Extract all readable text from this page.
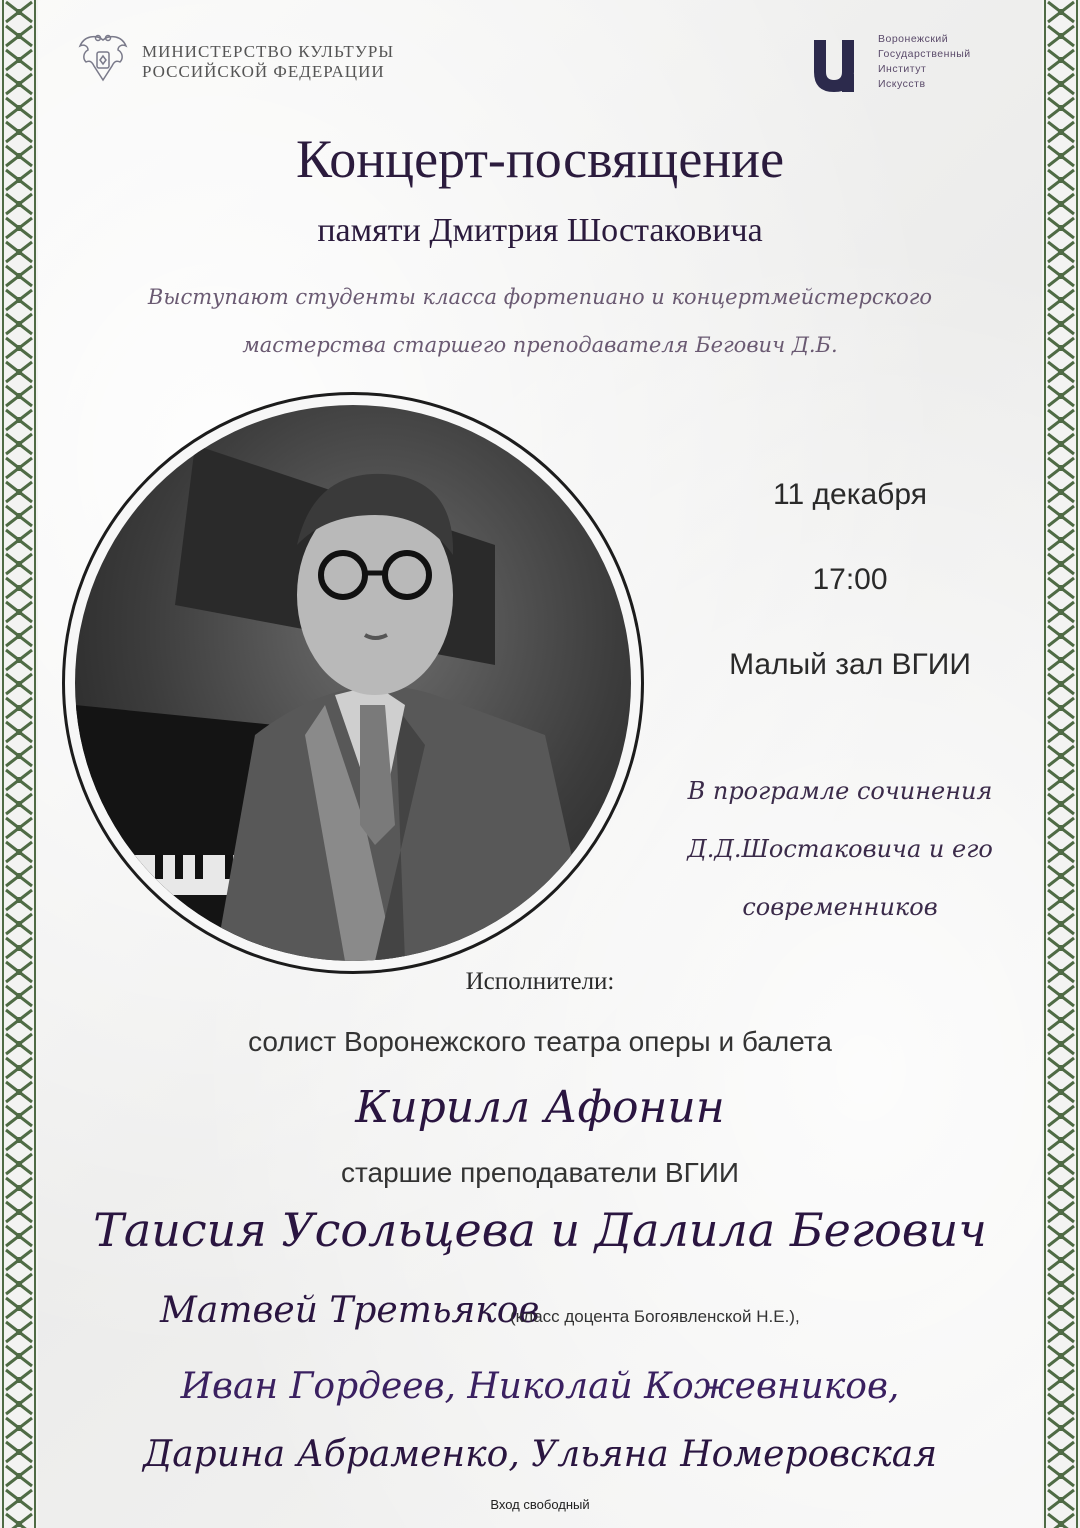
МИНИСТЕРСТВО КУЛЬТУРЫ
РОССИЙСКОЙ ФЕДЕРАЦИИ
Воронежский
Государственный
Институт
Искусств
Концерт-посвящение
памяти Дмитрия Шостаковича
Выступают студенты класса фортепиано и концертмейстерского
мастерства старшего преподавателя Бегович Д.Б.
11 декабря
17:00
Малый зал ВГИИ
В програмле сочинения
Д.Д.Шостаковича и его
современников
Исполнители:
солист Воронежского театра оперы и балета
Кирилл Афонин
старшие преподаватели ВГИИ
Таисия Усольцева и Далила Бегович
Матвей Третьяков
(класс доцента Богоявленской Н.Е.),
Иван Гордеев, Николай Кожевников,
Дарина Абраменко, Ульяна Номеровская
Вход свободный
